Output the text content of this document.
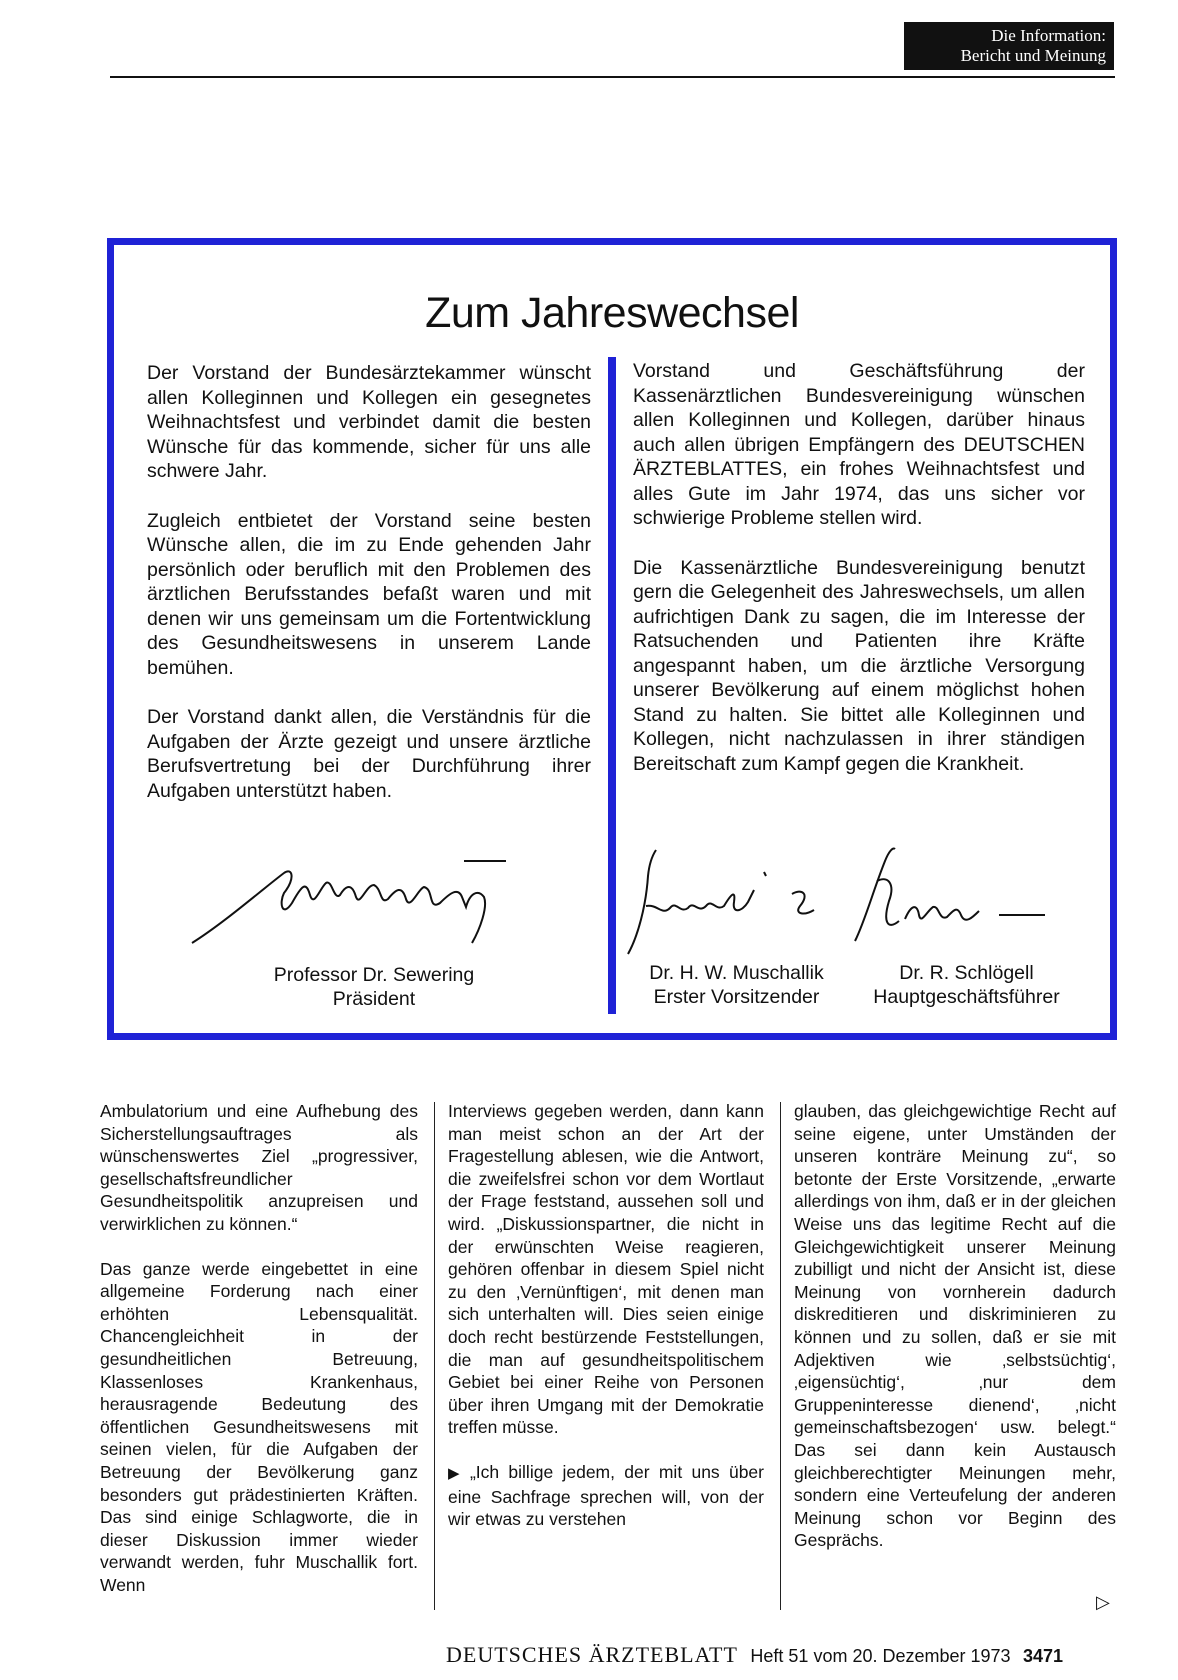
Die Information:
Bericht und Meinung
Zum Jahreswechsel

Der Vorstand der Bundesärztekammer wünscht allen Kolleginnen und Kollegen ein gesegnetes Weihnachtsfest und verbindet damit die besten Wünsche für das kommende, sicher für uns alle schwere Jahr.

Zugleich entbietet der Vorstand seine besten Wünsche allen, die im zu Ende gehenden Jahr persönlich oder beruflich mit den Problemen des ärztlichen Berufsstandes befaßt waren und mit denen wir uns gemeinsam um die Fortentwicklung des Gesundheitswesens in unserem Lande bemühen.

Der Vorstand dankt allen, die Verständnis für die Aufgaben der Ärzte gezeigt und unsere ärztliche Berufsvertretung bei der Durchführung ihrer Aufgaben unterstützt haben.

Vorstand und Geschäftsführung der Kassenärztlichen Bundesvereinigung wünschen allen Kolleginnen und Kollegen, darüber hinaus auch allen übrigen Empfängern des DEUTSCHEN ÄRZTEBLATTES, ein frohes Weihnachtsfest und alles Gute im Jahr 1974, das uns sicher vor schwierige Probleme stellen wird.

Die Kassenärztliche Bundesvereinigung benutzt gern die Gelegenheit des Jahreswechsels, um allen aufrichtigen Dank zu sagen, die im Interesse der Ratsuchenden und Patienten ihre Kräfte angespannt haben, um die ärztliche Versorgung unserer Bevölkerung auf einem möglichst hohen Stand zu halten. Sie bittet alle Kolleginnen und Kollegen, nicht nachzulassen in ihrer ständigen Bereitschaft zum Kampf gegen die Krankheit.

Professor Dr. Sewering
Präsident
Dr. H. W. Muschallik
Erster Vorsitzender
Dr. R. Schlögell
Hauptgeschäftsführer

Ambulatorium und eine Aufhebung des Sicherstellungsauftrages als wünschenswertes Ziel „progressiver, gesellschaftsfreundlicher Gesundheitspolitik anzupreisen und verwirklichen zu können.“

Das ganze werde eingebettet in eine allgemeine Forderung nach einer erhöhten Lebensqualität. Chancengleichheit in der gesundheitlichen Betreuung, Klassenloses Krankenhaus, herausragende Bedeutung des öffentlichen Gesundheitswesens mit seinen vielen, für die Aufgaben der Betreuung der Bevölkerung ganz besonders gut prädestinierten Kräften. Das sind einige Schlagworte, die in dieser Diskussion immer wieder verwandt werden, fuhr Muschallik fort. Wenn

Interviews gegeben werden, dann kann man meist schon an der Art der Fragestellung ablesen, wie die Antwort, die zweifelsfrei schon vor dem Wortlaut der Frage feststand, aussehen soll und wird. „Diskussionspartner, die nicht in der erwünschten Weise reagieren, gehören offenbar in diesem Spiel nicht zu den ‚Vernünftigen‘, mit denen man sich unterhalten will. Dies seien einige doch recht bestürzende Feststellungen, die man auf gesundheitspolitischem Gebiet bei einer Reihe von Personen über ihren Umgang mit der Demokratie treffen müsse.

▶ „Ich billige jedem, der mit uns über eine Sachfrage sprechen will, von der wir etwas zu verstehen

glauben, das gleichgewichtige Recht auf seine eigene, unter Umständen der unseren konträre Meinung zu“, so betonte der Erste Vorsitzende, „erwarte allerdings von ihm, daß er in der gleichen Weise uns das legitime Recht auf die Gleichgewichtigkeit unserer Meinung zubilligt und nicht der Ansicht ist, diese Meinung von vornherein dadurch diskreditieren und diskriminieren zu können und zu sollen, daß er sie mit Adjektiven wie ‚selbstsüchtig‘, ‚eigensüchtig‘, ‚nur dem Gruppeninteresse dienend‘, ‚nicht gemeinschaftsbezogen‘ usw. belegt.“ Das sei dann kein Austausch gleichberechtigter Meinungen mehr, sondern eine Verteufelung der anderen Meinung schon vor Beginn des Gesprächs.

▷
DEUTSCHES ÄRZTEBLATT Heft 51 vom 20. Dezember 1973 3471
